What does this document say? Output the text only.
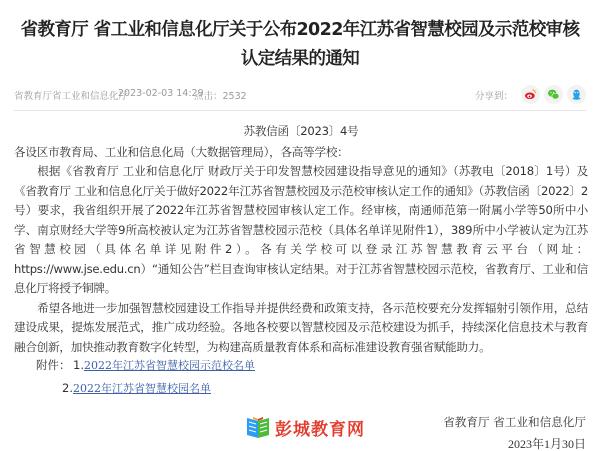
省教育厅 省工业和信息化厅关于公布2022年江苏省智慧校园及示范校审核认定结果的通知
省教育厅省工业和信息化厅
2023-02-03 14:29
点击：2532	分享到：
苏教信函〔2023〕4号
各设区市教育局、工业和信息化局（大数据管理局），各高等学校：
根据《省教育厅 工业和信息化厅 财政厅关于印发智慧校园建设指导意见的通知》（苏教电〔2018〕1号）及《省教育厅 工业和信息化厅关于做好2022年江苏省智慧校园及示范校审核认定工作的通知》（苏教信函〔2022〕2号）要求，我省组织开展了2022年江苏省智慧校园审核认定工作。经审核，南通师范第一附属小学等50所中小学、南京财经大学等9所高校被认定为江苏省智慧校园示范校（具体名单详见附件1），389所中小学被认定为江苏省智慧校园（具体名单详见附件2）。各有关学校可以登录江苏智慧教育云平台（网址：https://www.jse.edu.cn）“通知公告”栏目查询审核认定结果。对于江苏省智慧校园示范校，省教育厅、工业和信息化厅将授予铜牌。
希望各地进一步加强智慧校园建设工作指导并提供经费和政策支持，各示范校要充分发挥辐射引领作用，总结建设成果，提炼发展范式，推广成功经验。各地各校要以智慧校园及示范校建设为抓手，持续深化信息技术与教育融合创新，加快推动教育数字化转型，为构建高质量教育体系和高标准建设教育强省赋能助力。
附件： 1.2022年江苏省智慧校园示范校名单
2.2022年江苏省智慧校园名单
彭城教育网	省教育厅 省工业和信息化厅
2023年1月30日
